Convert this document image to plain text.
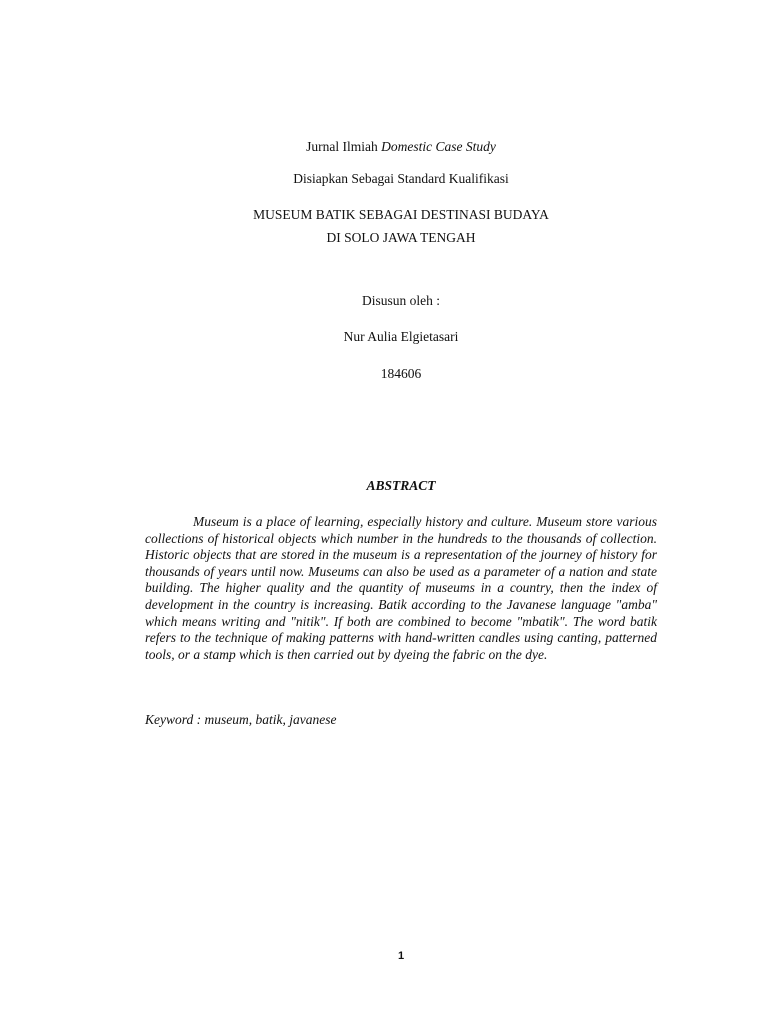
Jurnal Ilmiah Domestic Case Study
Disiapkan Sebagai Standard Kualifikasi
MUSEUM BATIK SEBAGAI DESTINASI BUDAYA
DI SOLO JAWA TENGAH
Disusun oleh :
Nur Aulia Elgietasari
184606
ABSTRACT

Museum is a place of learning, especially history and culture. Museum store various collections of historical objects which number in the hundreds to the thousands of collection. Historic objects that are stored in the museum is a representation of the journey of history for thousands of years until now. Museums can also be used as a parameter of a nation and state building. The higher quality and the quantity of museums in a country, then the index of development in the country is increasing. Batik according to the Javanese language "amba" which means writing and "nitik". If both are combined to become "mbatik". The word batik refers to the technique of making patterns with hand-written candles using canting, patterned tools, or a stamp which is then carried out by dyeing the fabric on the dye.

Keyword : museum, batik, javanese
1
